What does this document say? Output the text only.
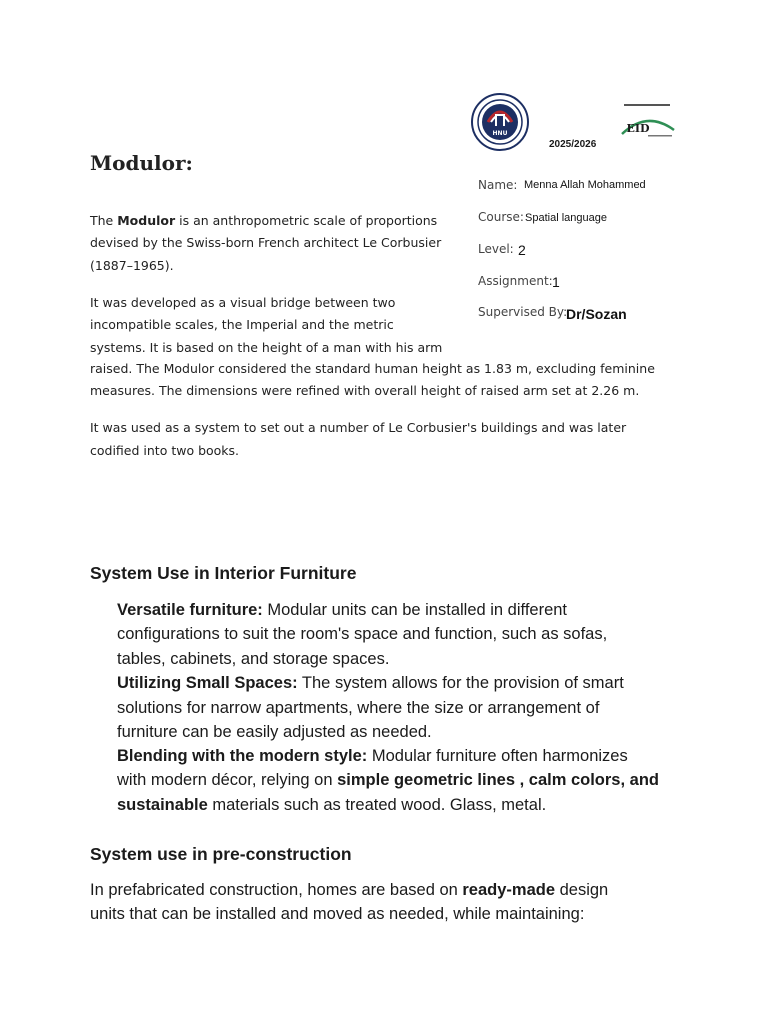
HNU	EID
2025/2026
Modulor:
Name: Menna Allah Mohammed
Course: Spatial language
Level: 2
Assignment: 1
Supervised By:
Dr/Sozan
The Modulor is an anthropometric scale of proportions
devised by the Swiss-born French architect Le Corbusier
(1887–1965).
It was developed as a visual bridge between two
incompatible scales, the Imperial and the metric
systems. It is based on the height of a man with his arm
raised. The Modulor considered the standard human height as 1.83 m, excluding feminine
measures. The dimensions were refined with overall height of raised arm set at 2.26 m.
It was used as a system to set out a number of Le Corbusier's buildings and was later
codified into two books.
System Use in Interior Furniture
Versatile furniture: Modular units can be installed in different
configurations to suit the room's space and function, such as sofas,
tables, cabinets, and storage spaces.
Utilizing Small Spaces: The system allows for the provision of smart
solutions for narrow apartments, where the size or arrangement of
furniture can be easily adjusted as needed.
Blending with the modern style: Modular furniture often harmonizes
with modern décor, relying on simple geometric lines , calm colors, and
sustainable materials such as treated wood. Glass, metal.
System use in pre-construction
In prefabricated construction, homes are based on ready-made design
units that can be installed and moved as needed, while maintaining:
